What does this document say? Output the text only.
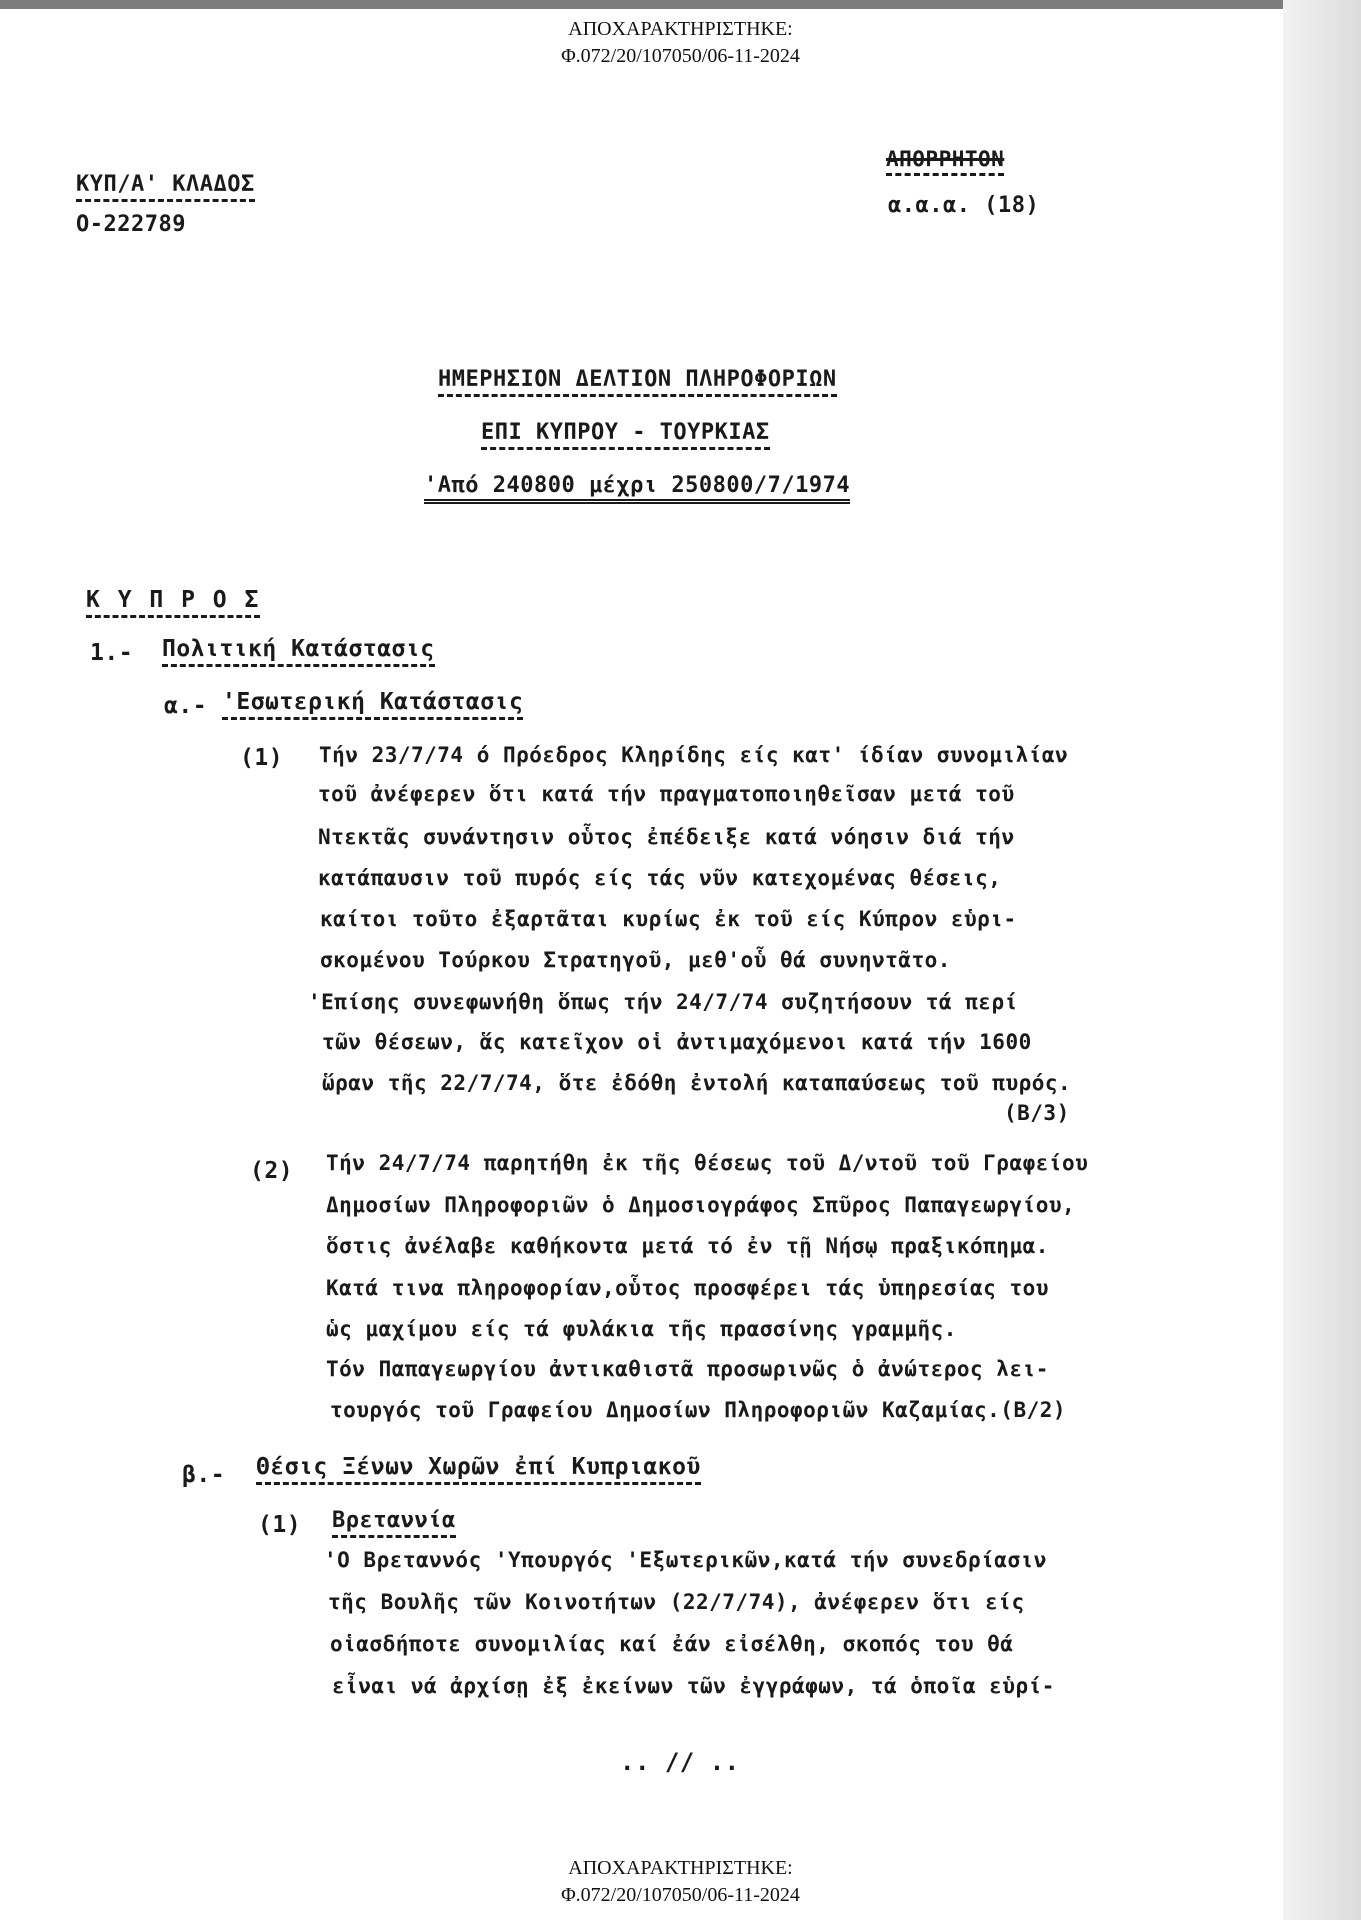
ΑΠΟΧΑΡΑΚΤΗΡΙΣΤΗΚΕ:
Φ.072/20/107050/06-11-2024
ΚΥΠ/Α' ΚΛΑΔΟΣ
Ο-222789
ΑΠΟΡΡΗΤΟΝ
α.α.α. (18)
ΗΜΕΡΗΣΙΟΝ ΔΕΛΤΙΟΝ ΠΛΗΡΟΦΟΡΙΩΝ
ΕΠΙ ΚΥΠΡΟΥ - ΤΟΥΡΚΙΑΣ
'Από 240800 μέχρι 250800/7/1974
Κ Υ Π Ρ Ο Σ
1.- Πολιτική Κατάστασις
α.- 'Εσωτερική Κατάστασις
(1) Τήν 23/7/74 ό Πρόεδρος Κληρίδης είς κατ' ίδίαν συνομιλίαν
τοῦ ἀνέφερεν ὅτι κατά τήν πραγματοποιηθεῖσαν μετά τοῦ
Ντεκτᾶς συνάντησιν οὗτος ἐπέδειξε κατά νόησιν διά τήν
κατάπαυσιν τοῦ πυρός είς τάς νῦν κατεχομένας θέσεις,
καίτοι τοῦτο ἐξαρτᾶται κυρίως ἐκ τοῦ είς Κύπρον εὑρι-
σκομένου Τούρκου Στρατηγοῦ, μεθ'οὗ θά συνηντᾶτο.
'Επίσης συνεφωνήθη ὅπως τήν 24/7/74 συζητήσουν τά περί
τῶν θέσεων, ἅς κατεῖχον οἱ ἀντιμαχόμενοι κατά τήν 1600
ὥραν τῆς 22/7/74, ὅτε ἐδόθη ἐντολή καταπαύσεως τοῦ πυρός.
(Β/3)
(2) Τήν 24/7/74 παρητήθη ἐκ τῆς θέσεως τοῦ Δ/ντοῦ τοῦ Γραφείου
Δημοσίων Πληροφοριῶν ὁ Δημοσιογράφος Σπῦρος Παπαγεωργίου,
ὅστις ἀνέλαβε καθήκοντα μετά τό ἐν τῇ Νήσῳ πραξικόπημα.
Κατά τινα πληροφορίαν,οὗτος προσφέρει τάς ὑπηρεσίας του
ὡς μαχίμου είς τά φυλάκια τῆς πρασσίνης γραμμῆς.
Τόν Παπαγεωργίου ἀντικαθιστᾶ προσωρινῶς ὁ ἀνώτερος λει-
τουργός τοῦ Γραφείου Δημοσίων Πληροφοριῶν Καζαμίας.(Β/2)
β.- Θέσις Ξένων Χωρῶν ἐπί Κυπριακοῦ
(1) Βρεταννία
'Ο Βρεταννός 'Υπουργός 'Εξωτερικῶν,κατά τήν συνεδρίασιν
τῆς Βουλῆς τῶν Κοινοτήτων (22/7/74), ἀνέφερεν ὅτι είς
οἱασδήποτε συνομιλίας καί ἐάν εἰσέλθη, σκοπός του θά
εἶναι νά ἀρχίσῃ ἐξ ἐκείνων τῶν ἐγγράφων, τά ὁποῖα εὑρί-
.. // ..
ΑΠΟΧΑΡΑΚΤΗΡΙΣΤΗΚΕ:
Φ.072/20/107050/06-11-2024
